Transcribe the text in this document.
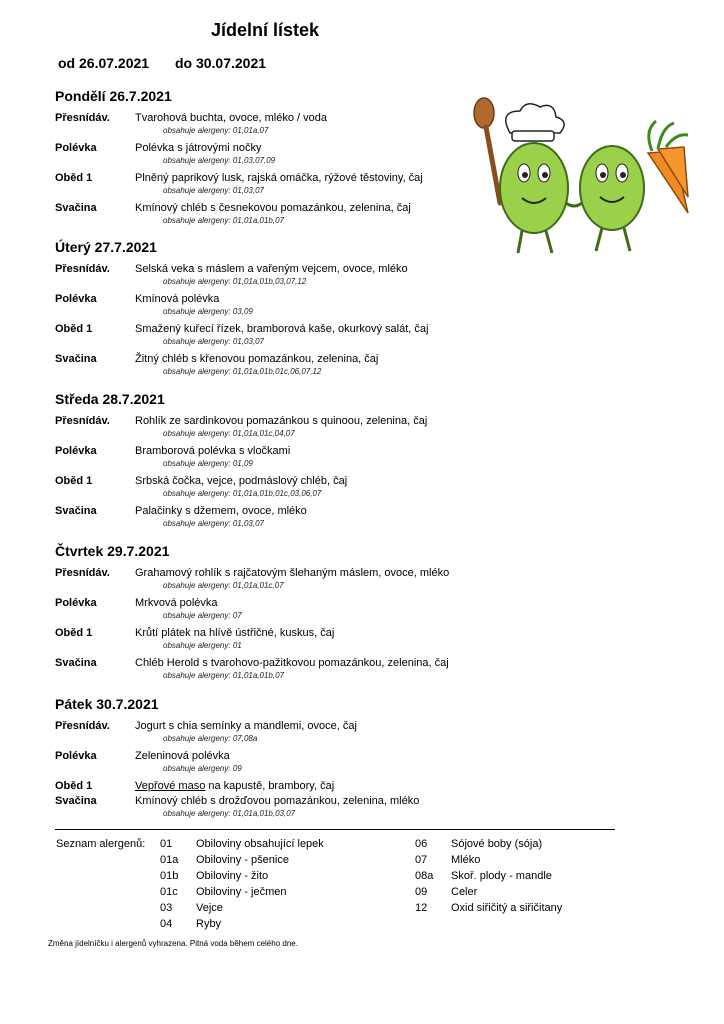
Jídelní lístek
od 26.07.2021 do 30.07.2021
Pondělí 26.7.2021
Přesnídáv. Tvarohová buchta, ovoce, mléko / voda
obsahuje alergeny: 01,01a,07
Polévka	Polévka s játrovými nočky
obsahuje alergeny: 01,03,07,09
Oběd 1	Plněný paprikový lusk, rajská omáčka, rýžové těstoviny, čaj
obsahuje alergeny: 01,03,07
Svačina	Kmínový chléb s česnekovou pomazánkou, zelenina, čaj
obsahuje alergeny: 01,01a,01b,07
Úterý 27.7.2021
Přesnídáv. Selská veka s máslem a vařeným vejcem, ovoce, mléko
obsahuje alergeny: 01,01a,01b,03,07,12
Polévka	Kmínová polévka
obsahuje alergeny: 03,09
Oběd 1	Smažený kuřecí řízek, bramborová kaše, okurkový salát, čaj
obsahuje alergeny: 01,03,07
Svačina	Žitný chléb s křenovou pomazánkou, zelenina, čaj
obsahuje alergeny: 01,01a,01b,01c,06,07,12
Středa 28.7.2021
Přesnídáv. Rohlík ze sardinkovou pomazánkou s quinoou, zelenina, čaj
obsahuje alergeny: 01,01a,01c,04,07
Polévka	Bramborová polévka s vločkami
obsahuje alergeny: 01,09
Oběd 1	Srbská čočka, vejce, podmáslový chléb, čaj
obsahuje alergeny: 01,01a,01b,01c,03,06,07
Svačina	Palačinky s džemem, ovoce, mléko
obsahuje alergeny: 01,03,07
Čtvrtek 29.7.2021
Přesnídáv. Grahamový rohlík s rajčatovým šlehaným máslem, ovoce, mléko
obsahuje alergeny: 01,01a,01c,07
Polévka	Mrkvová polévka
obsahuje alergeny: 07
Oběd 1	Krůtí plátek na hlívě ústřičné, kuskus, čaj
obsahuje alergeny: 01
Svačina	Chléb Herold s tvarohovo-pažitkovou pomazánkou, zelenina, čaj
obsahuje alergeny: 01,01a,01b,07
Pátek 30.7.2021
Přesnídáv. Jogurt s chia semínky a mandlemi, ovoce, čaj
obsahuje alergeny: 07,08a
Polévka	Zeleninová polévka
obsahuje alergeny: 09
Oběd 1	Vepřové maso na kapustě, brambory, čaj
Svačina	Kmínový chléb s drožďovou pomazánkou, zelenina, mléko
obsahuje alergeny: 01,01a,01b,03,07
Seznam alergenů: 01 Obiloviny obsahující lepek
01a Obiloviny - pšenice
01b Obiloviny - žito
01c Obiloviny - ječmen
03 Vejce
04 Ryby
06 Sójové boby (sója)
07 Mléko
08a Skoř. plody - mandle
09 Celer
12 Oxid siřičitý a siřičitany
Změna jídelníčku i alergenů vyhrazena. Pitná voda během celého dne.
